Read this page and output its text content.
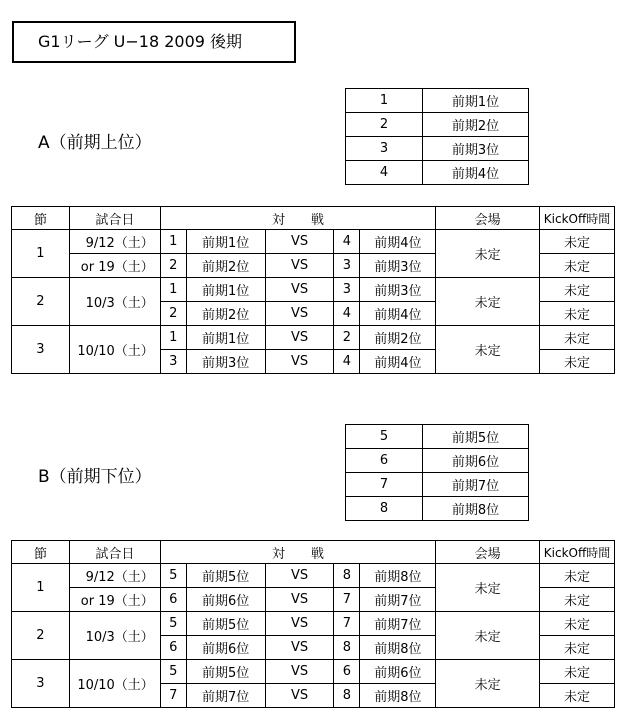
G1リーグ U−18 2009 後期
A（前期上位）
1	前期1位
2	前期2位
3	前期3位
4	前期4位
節	試合日	対　　戦					会場	KickOff時間
1	9/12（土）	1	前期1位	VS	4	前期4位	未定	未定
	or 19（土）	2	前期2位	VS	3	前期3位		未定
2	10/3（土）	1	前期1位	VS	3	前期3位	未定	未定
		2	前期2位	VS	4	前期4位		未定
3	10/10（土）	1	前期1位	VS	2	前期2位	未定	未定
		3	前期3位	VS	4	前期4位		未定
B（前期下位）
5	前期5位
6	前期6位
7	前期7位
8	前期8位
節	試合日	対　　戦					会場	KickOff時間
1	9/12（土）	5	前期5位	VS	8	前期8位	未定	未定
	or 19（土）	6	前期6位	VS	7	前期7位		未定
2	10/3（土）	5	前期5位	VS	7	前期7位	未定	未定
		6	前期6位	VS	8	前期8位		未定
3	10/10（土）	5	前期5位	VS	6	前期6位	未定	未定
		7	前期7位	VS	8	前期8位		未定
